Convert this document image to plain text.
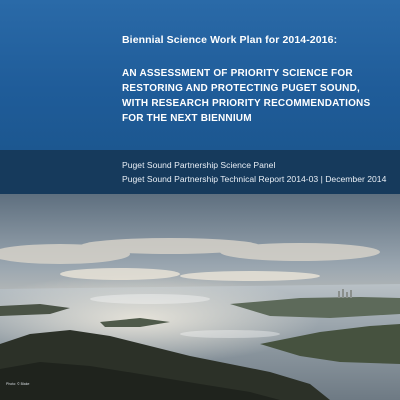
Biennial Science Work Plan for 2014-2016:
AN ASSESSMENT OF PRIORITY SCIENCE FOR
RESTORING AND PROTECTING PUGET SOUND,
WITH RESEARCH PRIORITY RECOMMENDATIONS
FOR THE NEXT BIENNIUM
Puget Sound Partnership Science Panel
Puget Sound Partnership Technical Report 2014-03 | December 2014
Photo: © Blake
